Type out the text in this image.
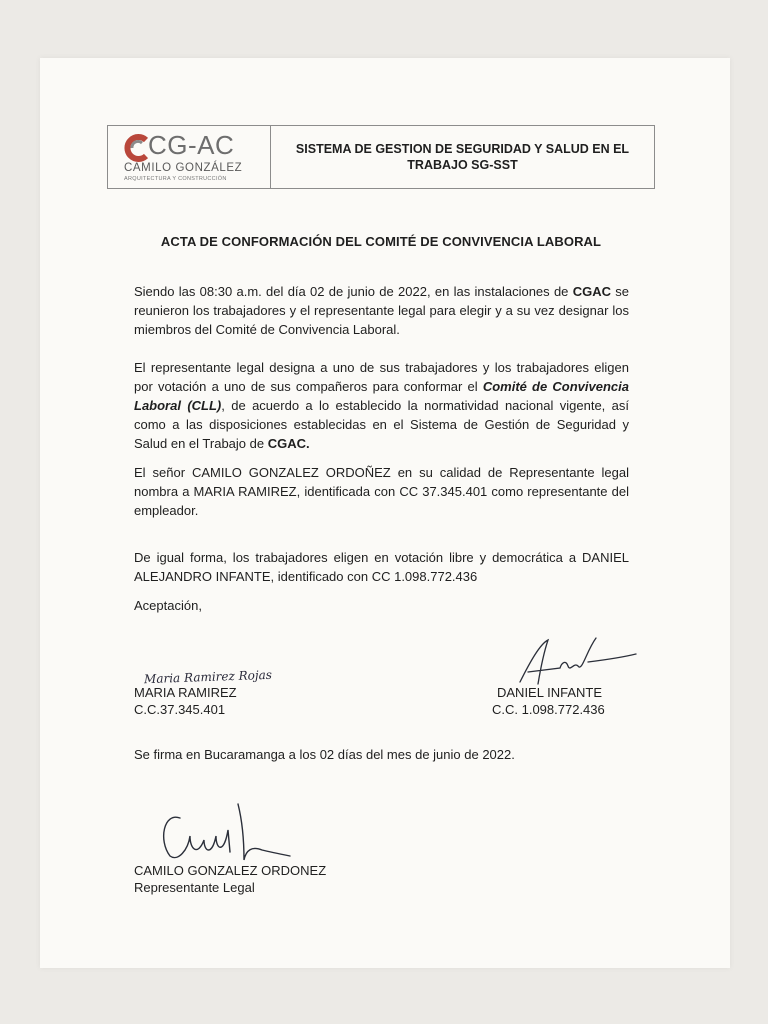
CG-AC
CAMILO GONZÁLEZ
ARQUITECTURA Y CONSTRUCCIÓN
SISTEMA DE GESTION DE SEGURIDAD Y SALUD EN EL TRABAJO SG-SST
ACTA DE CONFORMACIÓN DEL COMITÉ DE CONVIVENCIA LABORAL
Siendo las 08:30 a.m. del día 02 de junio de 2022, en las instalaciones de CGAC se reunieron los trabajadores y el representante legal para elegir y a su vez designar los miembros del Comité de Convivencia Laboral.
El representante legal designa a uno de sus trabajadores y los trabajadores eligen por votación a uno de sus compañeros para conformar el Comité de Convivencia Laboral (CLL), de acuerdo a lo establecido la normatividad nacional vigente, así como a las disposiciones establecidas en el Sistema de Gestión de Seguridad y Salud en el Trabajo de CGAC.
El señor CAMILO GONZALEZ ORDOÑEZ en su calidad de Representante legal nombra a MARIA RAMIREZ, identificada con CC 37.345.401 como representante del empleador.
De igual forma, los trabajadores eligen en votación libre y democrática a DANIEL ALEJANDRO INFANTE, identificado con CC 1.098.772.436
Aceptación,
Maria Ramirez Rojas
MARIA RAMIREZ
C.C.37.345.401
DANIEL INFANTE
C.C. 1.098.772.436
Se firma en Bucaramanga a los 02 días del mes de junio de 2022.
CAMILO GONZALEZ ORDONEZ
Representante Legal
